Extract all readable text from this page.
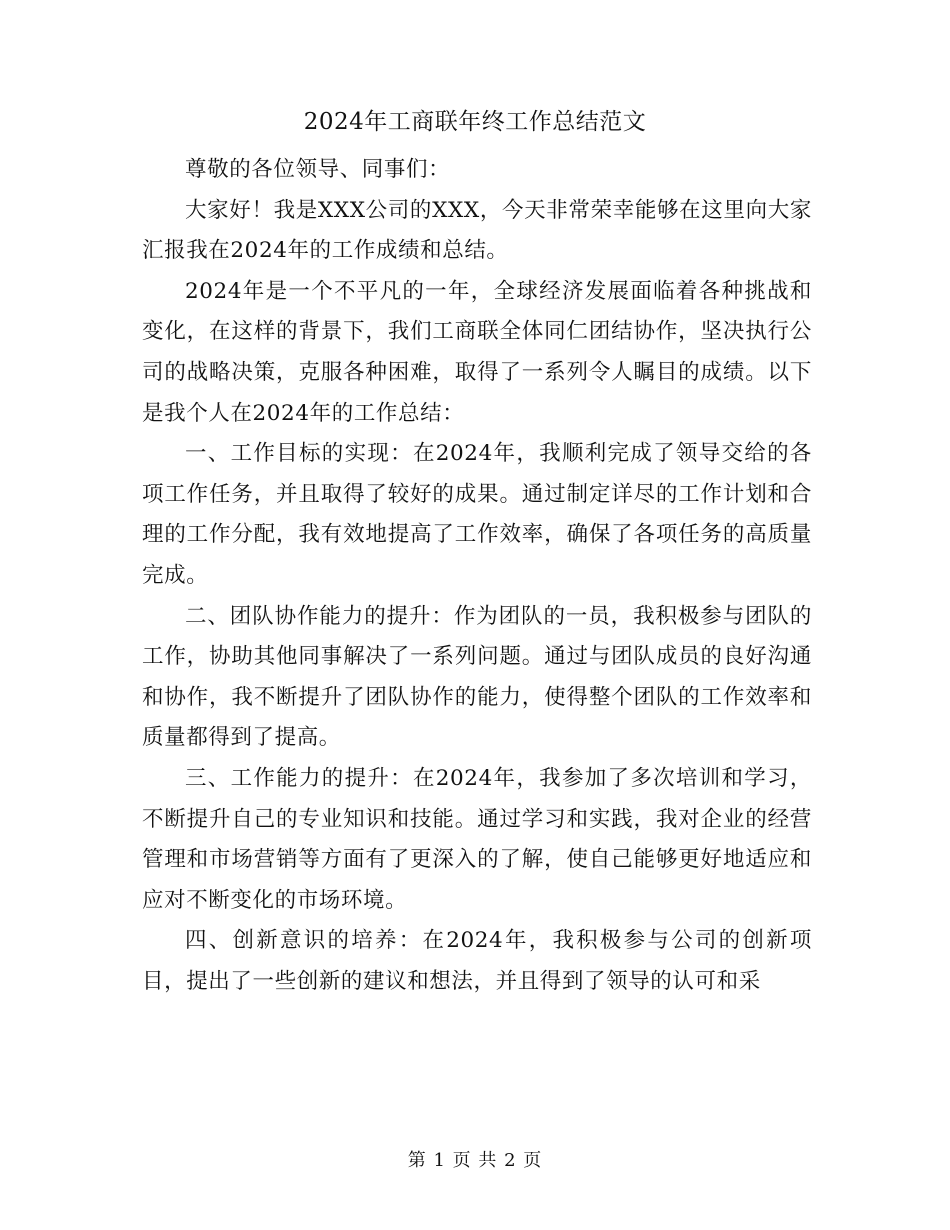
2024年工商联年终工作总结范文

尊敬的各位领导、同事们：

大家好！我是XXX公司的XXX，今天非常荣幸能够在这里向大家汇报我在2024年的工作成绩和总结。

2024年是一个不平凡的一年，全球经济发展面临着各种挑战和变化，在这样的背景下，我们工商联全体同仁团结协作，坚决执行公司的战略决策，克服各种困难，取得了一系列令人瞩目的成绩。以下是我个人在2024年的工作总结：

一、工作目标的实现：在2024年，我顺利完成了领导交给的各项工作任务，并且取得了较好的成果。通过制定详尽的工作计划和合理的工作分配，我有效地提高了工作效率，确保了各项任务的高质量完成。

二、团队协作能力的提升：作为团队的一员，我积极参与团队的工作，协助其他同事解决了一系列问题。通过与团队成员的良好沟通和协作，我不断提升了团队协作的能力，使得整个团队的工作效率和质量都得到了提高。

三、工作能力的提升：在2024年，我参加了多次培训和学习，不断提升自己的专业知识和技能。通过学习和实践，我对企业的经营管理和市场营销等方面有了更深入的了解，使自己能够更好地适应和应对不断变化的市场环境。

四、创新意识的培养：在2024年，我积极参与公司的创新项目，提出了一些创新的建议和想法，并且得到了领导的认可和采

第 1 页 共 2 页
